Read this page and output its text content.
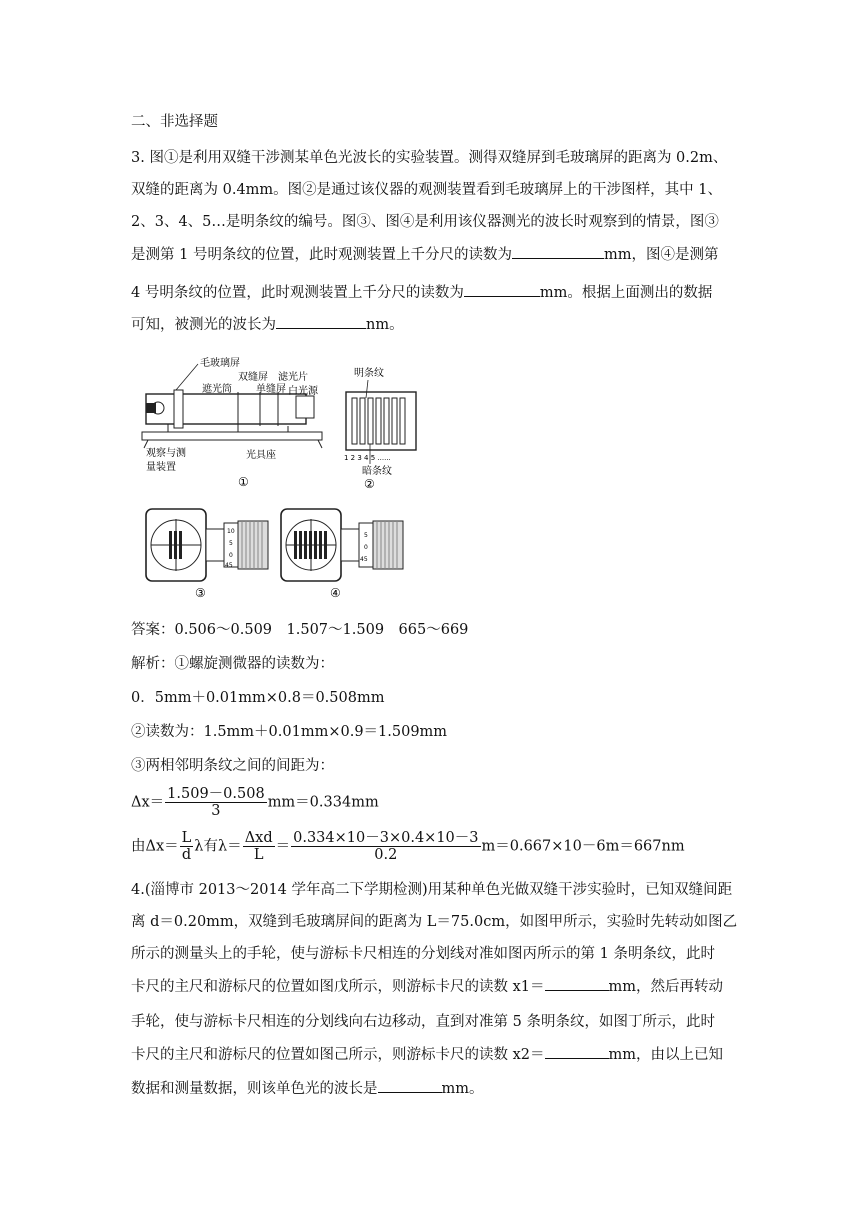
二、非选择题
3. 图①是利用双缝干涉测某单色光波长的实验装置。测得双缝屏到毛玻璃屏的距离为 0.2m、
双缝的距离为 0.4mm。图②是通过该仪器的观测装置看到毛玻璃屏上的干涉图样，其中 1、
2、3、4、5…是明条纹的编号。图③、图④是利用该仪器测光的波长时观察到的情景，图③
是测第 1 号明条纹的位置，此时观测装置上千分尺的读数为	mm，图④是测第
4 号明条纹的位置，此时观测装置上千分尺的读数为	mm。根据上面测出的数据
可知，被测光的波长为	nm。
毛玻璃屏
遮光筒
双缝屏
单缝屏
滤光片
白光源
观察与测
量装置
光具座
①
明条纹
1 2 3 4 5 ......
暗条纹
②
10
5
0
45
③
5
0
45
④
答案：0.506～0.509　1.507～1.509　665～669
解析：①螺旋测微器的读数为：
0．5mm＋0.01mm×0.8＝0.508mm
②读数为：1.5mm＋0.01mm×0.9＝1.509mm
③两相邻明条纹之间的间距为：
$\Delta x= \frac{1.509-0.508}{3} mm=0.334mm$
由$\Delta x= \frac{L}{d}$ λ有$\lambda= \frac{\text{Δxd}}{L} = \frac{0.334\times 10-3\times 0.4\times 10-3}{0.2} m=0.667\times 10-6m=667nm$
4.(淄博市 2013～2014 学年高二下学期检测)用某种单色光做双缝干涉实验时，已知双缝间距
离 d＝0.20mm，双缝到毛玻璃屏间的距离为 L＝75.0cm，如图甲所示，实验时先转动如图乙
所示的测量头上的手轮，使与游标卡尺相连的分划线对准如图丙所示的第 1 条明条纹，此时
卡尺的主尺和游标尺的位置如图戊所示，则游标卡尺的读数 x1＝	mm，然后再转动
手轮，使与游标卡尺相连的分划线向右边移动，直到对准第 5 条明条纹，如图丁所示，此时
卡尺的主尺和游标尺的位置如图己所示，则游标卡尺的读数 x2＝	mm，由以上已知
数据和测量数据，则该单色光的波长是	mm。
